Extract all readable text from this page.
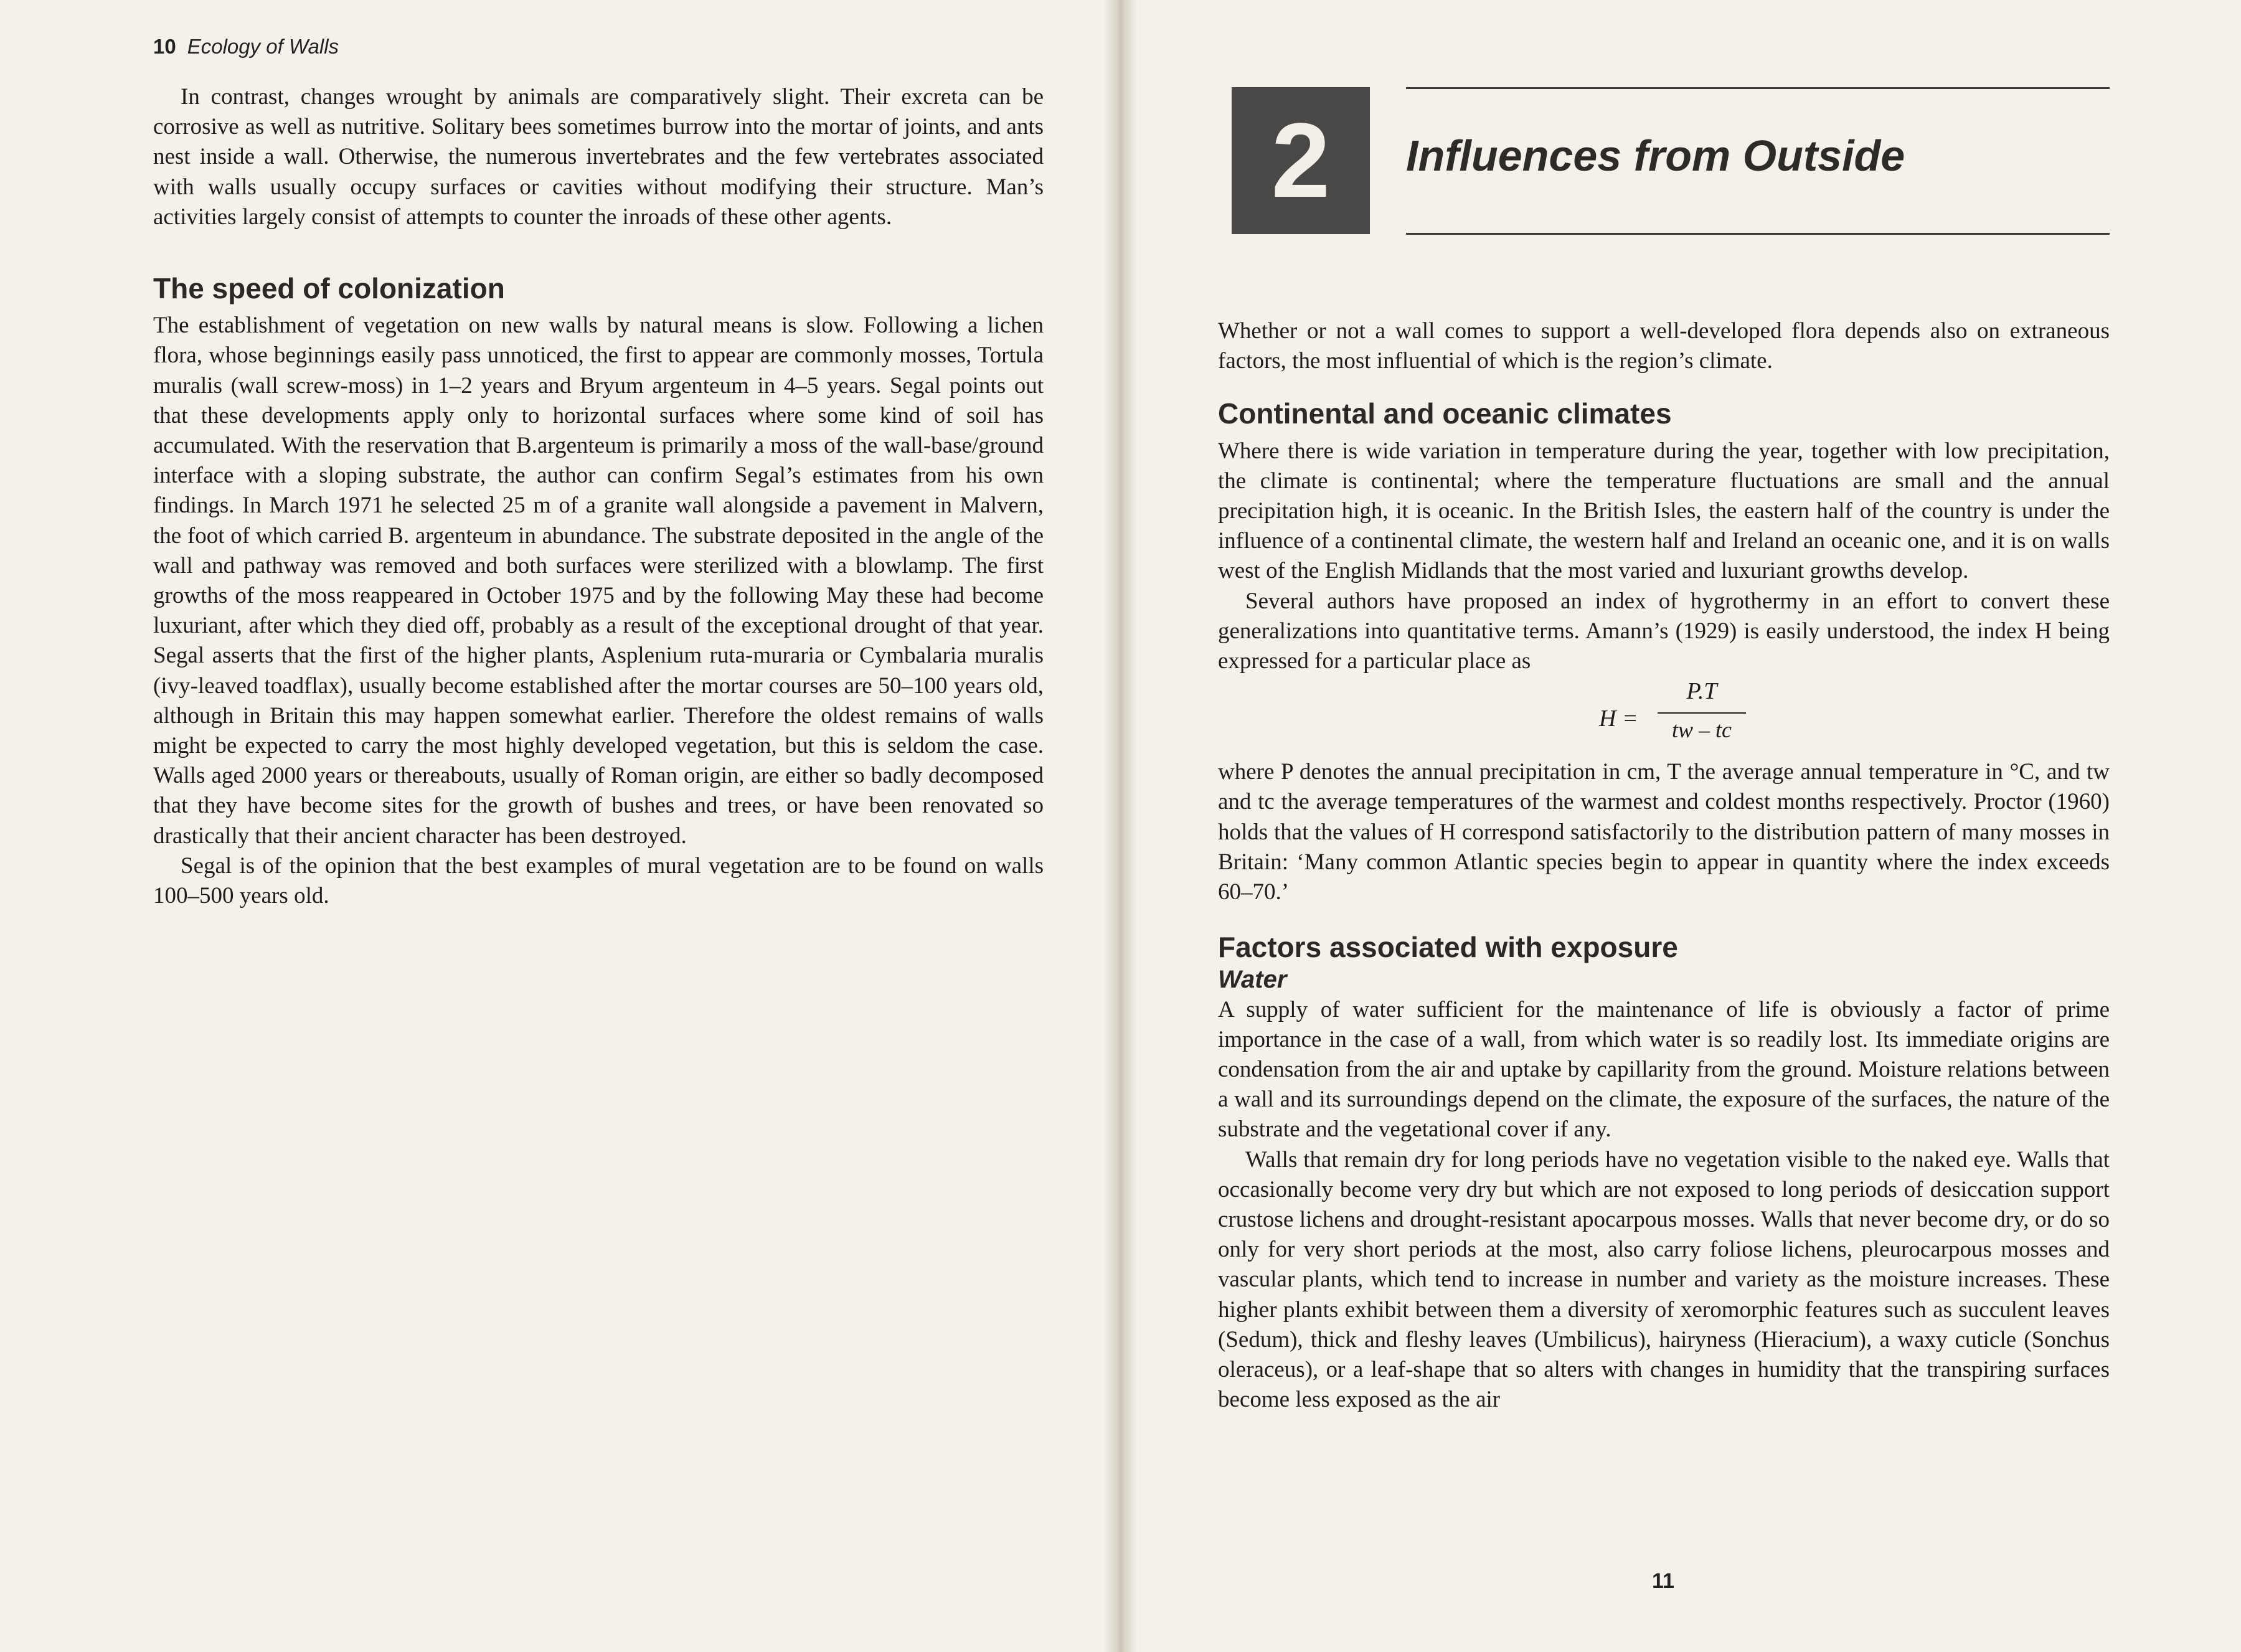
10 Ecology of Walls

In contrast, changes wrought by animals are comparatively slight. Their excreta can be corrosive as well as nutritive. Solitary bees sometimes burrow into the mortar of joints, and ants nest inside a wall. Otherwise, the numerous invertebrates and the few vertebrates associated with walls usually occupy surfaces or cavities without modifying their structure. Man’s activities largely consist of attempts to counter the inroads of these other agents.

The speed of colonization

The establishment of vegetation on new walls by natural means is slow. Following a lichen flora, whose beginnings easily pass unnoticed, the first to appear are commonly mosses, Tortula muralis (wall screw-moss) in 1–2 years and Bryum argenteum in 4–5 years. Segal points out that these developments apply only to horizontal surfaces where some kind of soil has accumulated. With the reservation that B.argenteum is primarily a moss of the wall-base/ground interface with a sloping substrate, the author can confirm Segal’s estimates from his own findings. In March 1971 he selected 25 m of a granite wall alongside a pavement in Malvern, the foot of which carried B. argenteum in abundance. The substrate deposited in the angle of the wall and pathway was removed and both surfaces were sterilized with a blowlamp. The first growths of the moss reappeared in October 1975 and by the following May these had become luxuriant, after which they died off, probably as a result of the exceptional drought of that year. Segal asserts that the first of the higher plants, Asplenium ruta-muraria or Cymbalaria muralis (ivy-leaved toadflax), usually become established after the mortar courses are 50–100 years old, although in Britain this may happen somewhat earlier. Therefore the oldest remains of walls might be expected to carry the most highly developed vegetation, but this is seldom the case. Walls aged 2000 years or thereabouts, usually of Roman origin, are either so badly decomposed that they have become sites for the growth of bushes and trees, or have been renovated so drastically that their ancient character has been destroyed.

Segal is of the opinion that the best examples of mural vegetation are to be found on walls 100–500 years old.

2	Influences from Outside

Whether or not a wall comes to support a well-developed flora depends also on extraneous factors, the most influential of which is the region’s climate.

Continental and oceanic climates

Where there is wide variation in temperature during the year, together with low precipitation, the climate is continental; where the temperature fluctuations are small and the annual precipitation high, it is oceanic. In the British Isles, the eastern half of the country is under the influence of a continental climate, the western half and Ireland an oceanic one, and it is on walls west of the English Midlands that the most varied and luxuriant growths develop.

Several authors have proposed an index of hygrothermy in an effort to convert these generalizations into quantitative terms. Amann’s (1929) is easily understood, the index H being expressed for a particular place as

H =
P.T
tw – tc

where P denotes the annual precipitation in cm, T the average annual temperature in °C, and tw and tc the average temperatures of the warmest and coldest months respectively. Proctor (1960) holds that the values of H correspond satisfactorily to the distribution pattern of many mosses in Britain: ‘Many common Atlantic species begin to appear in quantity where the index exceeds 60–70.’

Factors associated with exposure
Water

A supply of water sufficient for the maintenance of life is obviously a factor of prime importance in the case of a wall, from which water is so readily lost. Its immediate origins are condensation from the air and uptake by capillarity from the ground. Moisture relations between a wall and its surroundings depend on the climate, the exposure of the surfaces, the nature of the substrate and the vegetational cover if any.

Walls that remain dry for long periods have no vegetation visible to the naked eye. Walls that occasionally become very dry but which are not exposed to long periods of desiccation support crustose lichens and drought-resistant apocarpous mosses. Walls that never become dry, or do so only for very short periods at the most, also carry foliose lichens, pleurocarpous mosses and vascular plants, which tend to increase in number and variety as the moisture increases. These higher plants exhibit between them a diversity of xeromorphic features such as succulent leaves (Sedum), thick and fleshy leaves (Umbilicus), hairyness (Hieracium), a waxy cuticle (Sonchus oleraceus), or a leaf-shape that so alters with changes in humidity that the transpiring surfaces become less exposed as the air

11
